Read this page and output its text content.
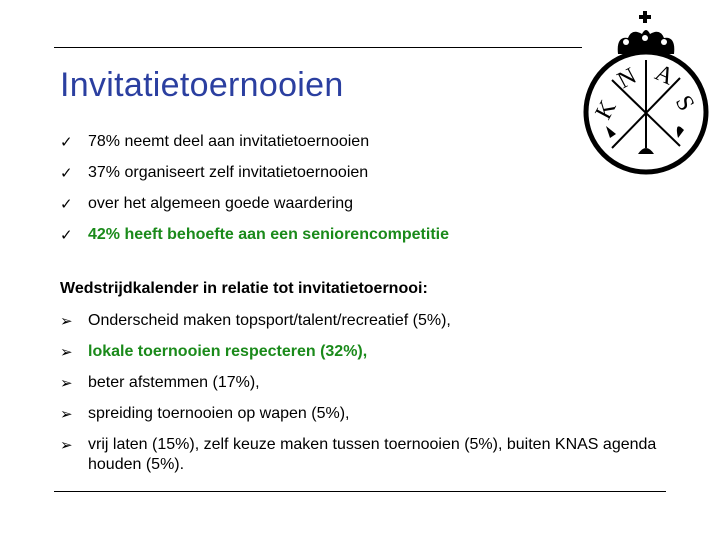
Invitatietoernooien
✓ 78% neemt deel aan invitatietoernooien
✓ 37% organiseert zelf invitatietoernooien
✓ over het algemeen goede waardering
✓ 42% heeft behoefte aan een seniorencompetitie
Wedstrijdkalender in relatie tot invitatietoernooi:
➢ Onderscheid maken topsport/talent/recreatief (5%),
➢ lokale toernooien respecteren (32%),
➢ beter afstemmen (17%),
➢ spreiding toernooien op wapen (5%),
➢ vrij laten (15%), zelf keuze maken tussen toernooien (5%), buiten KNAS agenda houden (5%).
K
N A
S
